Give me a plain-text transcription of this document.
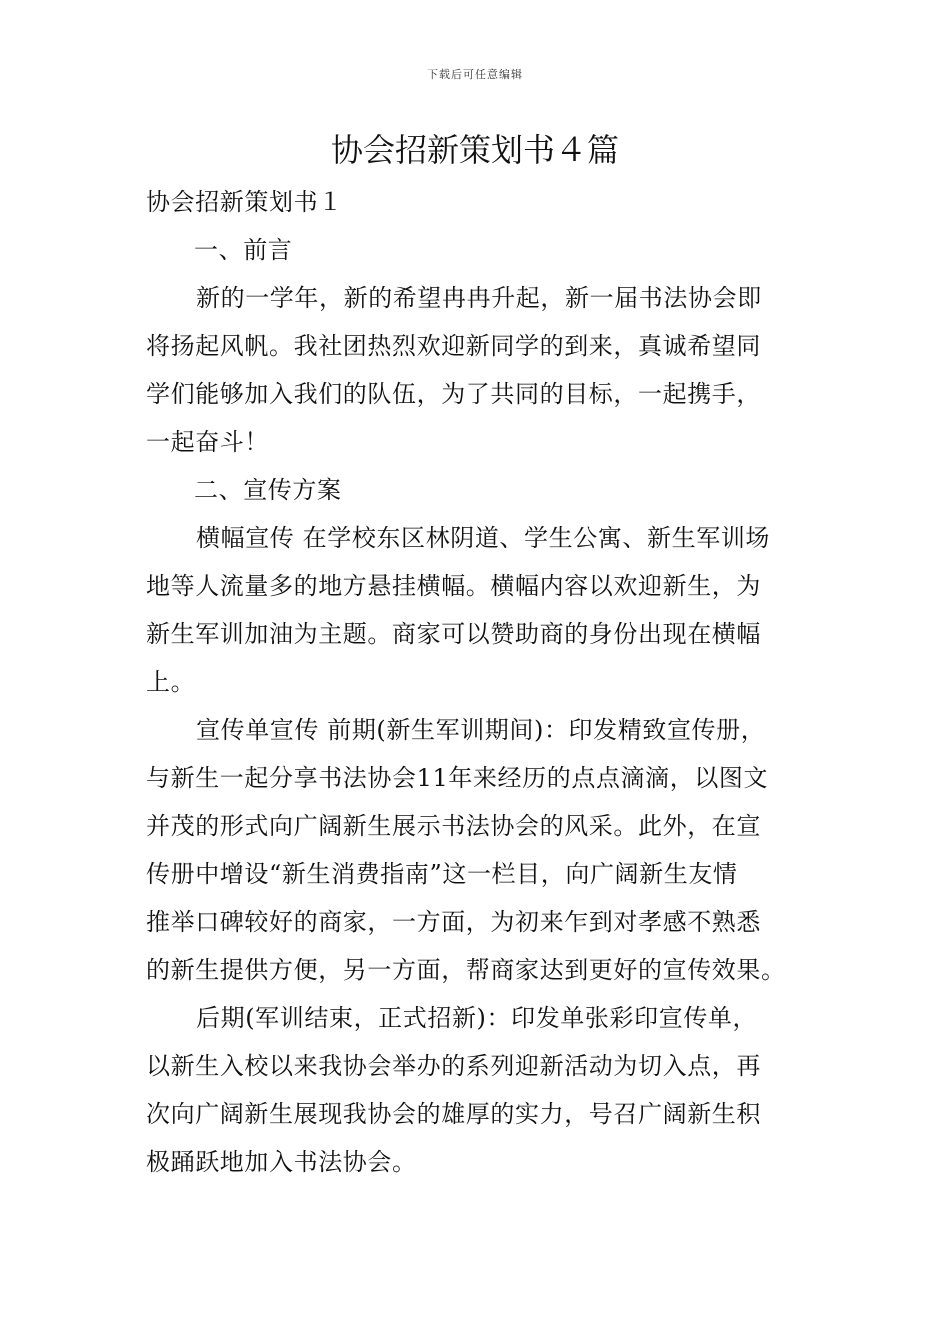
下载后可任意编辑
协会招新策划书４篇
协会招新策划书１
一、前言
新的一学年，新的希望冉冉升起，新一届书法协会即
将扬起风帆。我社团热烈欢迎新同学的到来，真诚希望同
学们能够加入我们的队伍，为了共同的目标，一起携手，
一起奋斗！
二、宣传方案
横幅宣传 在学校东区林阴道、学生公寓、新生军训场
地等人流量多的地方悬挂横幅。横幅内容以欢迎新生，为
新生军训加油为主题。商家可以赞助商的身份出现在横幅
上。
宣传单宣传 前期(新生军训期间)：印发精致宣传册，
与新生一起分享书法协会11年来经历的点点滴滴，以图文
并茂的形式向广阔新生展示书法协会的风采。此外，在宣
传册中增设“新生消费指南”这一栏目，向广阔新生友情
推举口碑较好的商家，一方面，为初来乍到对孝感不熟悉
的新生提供方便，另一方面，帮商家达到更好的宣传效果。
后期(军训结束，正式招新)：印发单张彩印宣传单，
以新生入校以来我协会举办的系列迎新活动为切入点，再
次向广阔新生展现我协会的雄厚的实力，号召广阔新生积
极踊跃地加入书法协会。
